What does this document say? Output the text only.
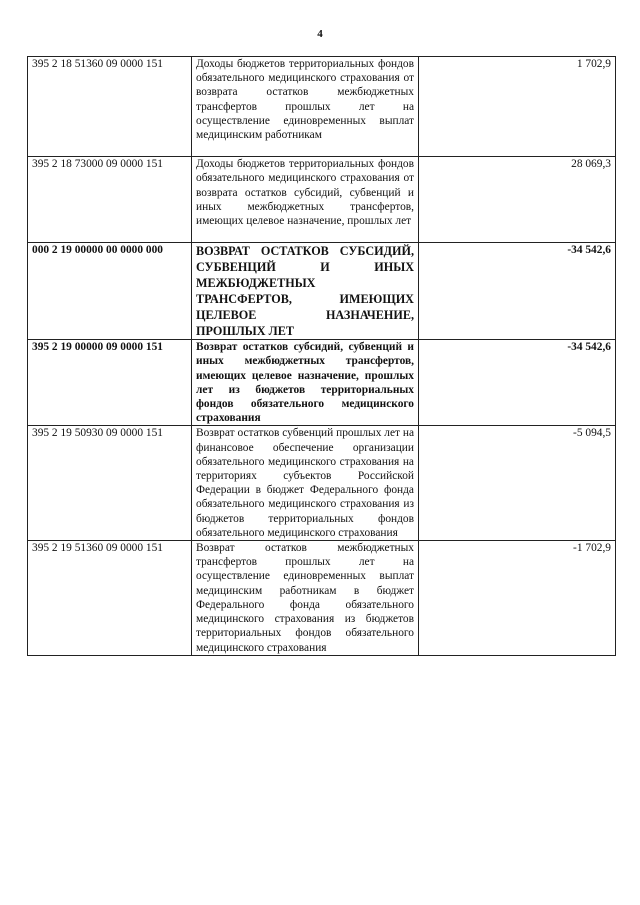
4
395 2 18 51360 09 0000 151	Доходы бюджетов территориальных фондов обязательного медицинского страхования от возврата остатков межбюджетных трансфертов прошлых лет на осуществление единовременных выплат медицинским работникам	1 702,9
395 2 18 73000 09 0000 151	Доходы бюджетов территориальных фондов обязательного медицинского страхования от возврата остатков субсидий, субвенций и иных межбюджетных трансфертов, имеющих целевое назначение, прошлых лет	28 069,3
000 2 19 00000 00 0000 000	ВОЗВРАТ ОСТАТКОВ СУБСИДИЙ, СУБВЕНЦИЙ И ИНЫХ МЕЖБЮДЖЕТНЫХ ТРАНСФЕРТОВ, ИМЕЮЩИХ ЦЕЛЕВОЕ НАЗНАЧЕНИЕ, ПРОШЛЫХ ЛЕТ	-34 542,6
395 2 19 00000 09 0000 151	Возврат остатков субсидий, субвенций и иных межбюджетных трансфертов, имеющих целевое назначение, прошлых лет из бюджетов территориальных фондов обязательного медицинского страхования	-34 542,6
395 2 19 50930 09 0000 151	Возврат остатков субвенций прошлых лет на финансовое обеспечение организации обязательного медицинского страхования на территориях субъектов Российской Федерации в бюджет Федерального фонда обязательного медицинского страхования из бюджетов территориальных фондов обязательного медицинского страхования	-5 094,5
395 2 19 51360 09 0000 151	Возврат остатков межбюджетных трансфертов прошлых лет на осуществление единовременных выплат медицинским работникам в бюджет Федерального фонда обязательного медицинского страхования из бюджетов территориальных фондов обязательного медицинского страхования	-1 702,9
